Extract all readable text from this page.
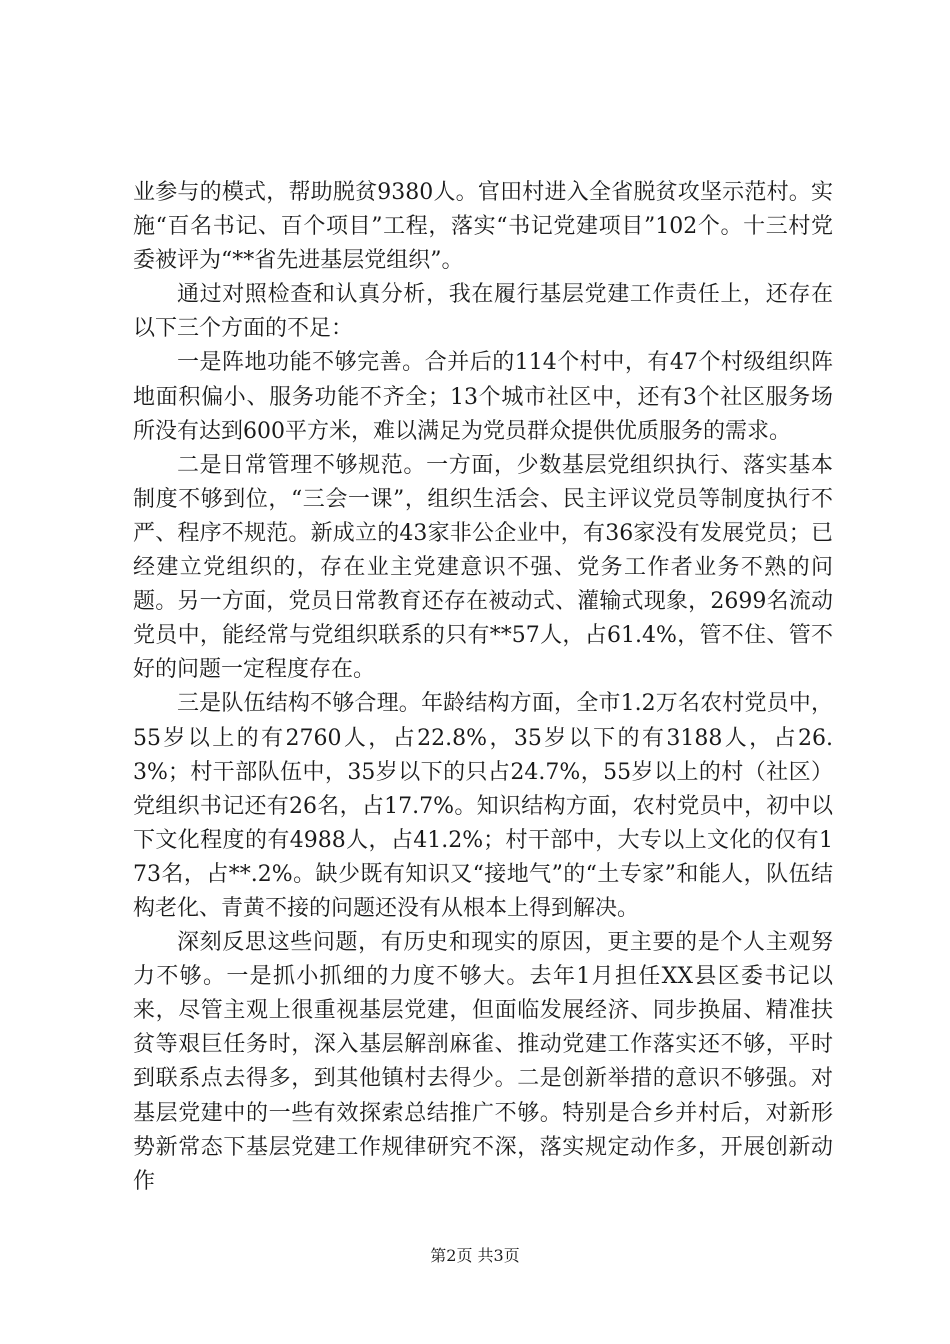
业参与的模式，帮助脱贫9380人。官田村进入全省脱贫攻坚示范村。实施“百名书记、百个项目”工程，落实“书记党建项目”102个。十三村党委被评为“**省先进基层党组织”。

通过对照检查和认真分析，我在履行基层党建工作责任上，还存在以下三个方面的不足：

一是阵地功能不够完善。合并后的114个村中，有47个村级组织阵地面积偏小、服务功能不齐全；13个城市社区中，还有3个社区服务场所没有达到600平方米，难以满足为党员群众提供优质服务的需求。

二是日常管理不够规范。一方面，少数基层党组织执行、落实基本制度不够到位，“三会一课”，组织生活会、民主评议党员等制度执行不严、程序不规范。新成立的43家非公企业中，有36家没有发展党员；已经建立党组织的，存在业主党建意识不强、党务工作者业务不熟的问题。另一方面，党员日常教育还存在被动式、灌输式现象，2699名流动党员中，能经常与党组织联系的只有**57人，占61.4%，管不住、管不好的问题一定程度存在。

三是队伍结构不够合理。年龄结构方面，全市1.2万名农村党员中，55岁以上的有2760人，占22.8%，35岁以下的有3188人，占26.3%；村干部队伍中，35岁以下的只占24.7%，55岁以上的村（社区）党组织书记还有26名，占17.7%。知识结构方面，农村党员中，初中以下文化程度的有4988人，占41.2%；村干部中，大专以上文化的仅有173名，占**.2%。缺少既有知识又“接地气”的“土专家”和能人，队伍结构老化、青黄不接的问题还没有从根本上得到解决。

深刻反思这些问题，有历史和现实的原因，更主要的是个人主观努力不够。一是抓小抓细的力度不够大。去年1月担任XX县区委书记以来，尽管主观上很重视基层党建，但面临发展经济、同步换届、精准扶贫等艰巨任务时，深入基层解剖麻雀、推动党建工作落实还不够，平时到联系点去得多，到其他镇村去得少。二是创新举措的意识不够强。对基层党建中的一些有效探索总结推广不够。特别是合乡并村后，对新形势新常态下基层党建工作规律研究不深，落实规定动作多，开展创新动作

第2页 共3页
